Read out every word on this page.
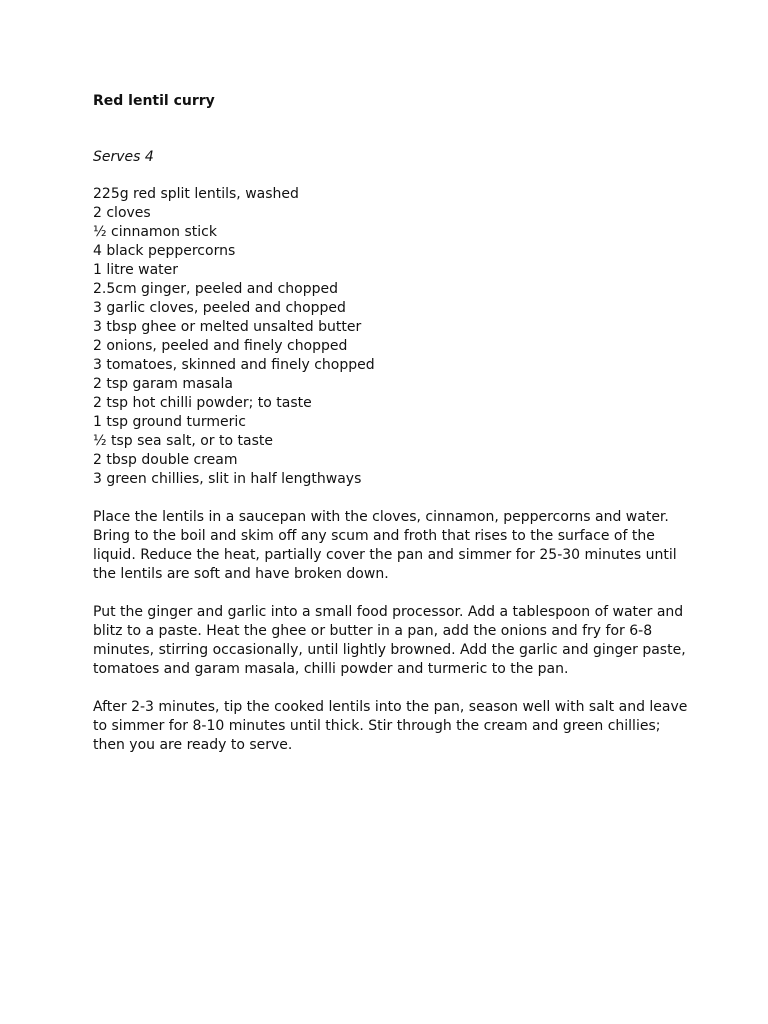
Red lentil curry

Serves 4

225g red split lentils, washed
2 cloves
½ cinnamon stick
4 black peppercorns
1 litre water
2.5cm ginger, peeled and chopped
3 garlic cloves, peeled and chopped
3 tbsp ghee or melted unsalted butter
2 onions, peeled and finely chopped
3 tomatoes, skinned and finely chopped
2 tsp garam masala
2 tsp hot chilli powder; to taste
1 tsp ground turmeric
½ tsp sea salt, or to taste
2 tbsp double cream
3 green chillies, slit in half lengthways

Place the lentils in a saucepan with the cloves, cinnamon, peppercorns and water. Bring to the boil and skim off any scum and froth that rises to the surface of the liquid. Reduce the heat, partially cover the pan and simmer for 25-30 minutes until the lentils are soft and have broken down.

Put the ginger and garlic into a small food processor. Add a tablespoon of water and blitz to a paste. Heat the ghee or butter in a pan, add the onions and fry for 6-8 minutes, stirring occasionally, until lightly browned. Add the garlic and ginger paste, tomatoes and garam masala, chilli powder and turmeric to the pan.

After 2-3 minutes, tip the cooked lentils into the pan, season well with salt and leave to simmer for 8-10 minutes until thick. Stir through the cream and green chillies; then you are ready to serve.
